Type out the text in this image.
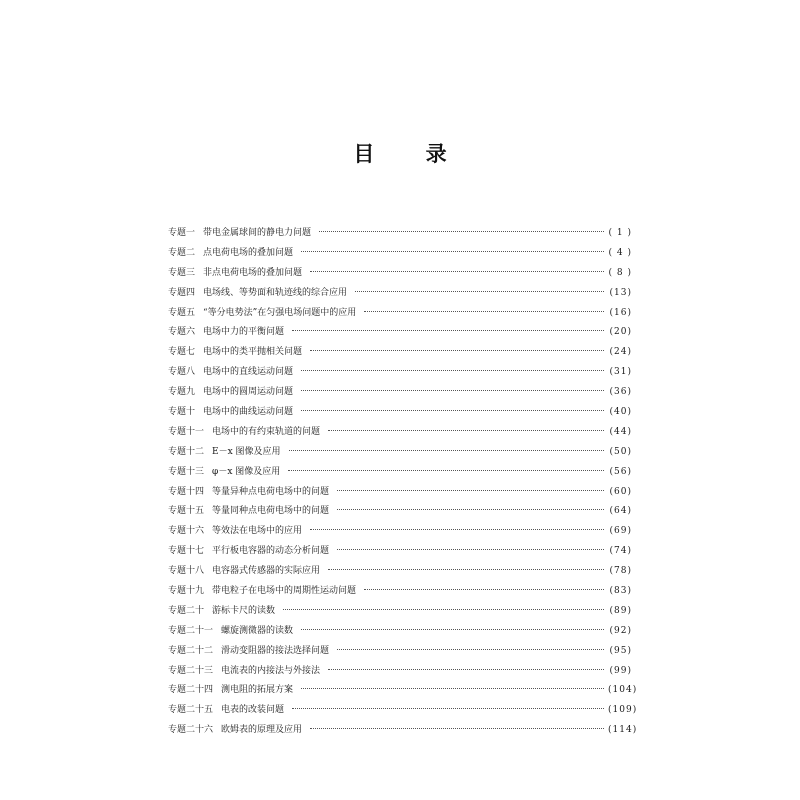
目 录
专题一 带电金属球间的静电力问题	( 1 )
专题二 点电荷电场的叠加问题	( 4 )
专题三 非点电荷电场的叠加问题	( 8 )
专题四 电场线、等势面和轨迹线的综合应用	(13)
专题五 “等分电势法”在匀强电场问题中的应用	(16)
专题六 电场中力的平衡问题	(20)
专题七 电场中的类平抛相关问题	(24)
专题八 电场中的直线运动问题	(31)
专题九 电场中的圆周运动问题	(36)
专题十 电场中的曲线运动问题	(40)
专题十一 电场中的有约束轨道的问题	(44)
专题十二 E－x 图像及应用	(50)
专题十三 φ－x 图像及应用	(56)
专题十四 等量异种点电荷电场中的问题	(60)
专题十五 等量同种点电荷电场中的问题	(64)
专题十六 等效法在电场中的应用	(69)
专题十七 平行板电容器的动态分析问题	(74)
专题十八 电容器式传感器的实际应用	(78)
专题十九 带电粒子在电场中的周期性运动问题	(83)
专题二十 游标卡尺的读数	(89)
专题二十一 螺旋测微器的读数	(92)
专题二十二 滑动变阻器的接法选择问题	(95)
专题二十三 电流表的内接法与外接法	(99)
专题二十四 测电阻的拓展方案	(104)
专题二十五 电表的改装问题	(109)
专题二十六 欧姆表的原理及应用	(114)
